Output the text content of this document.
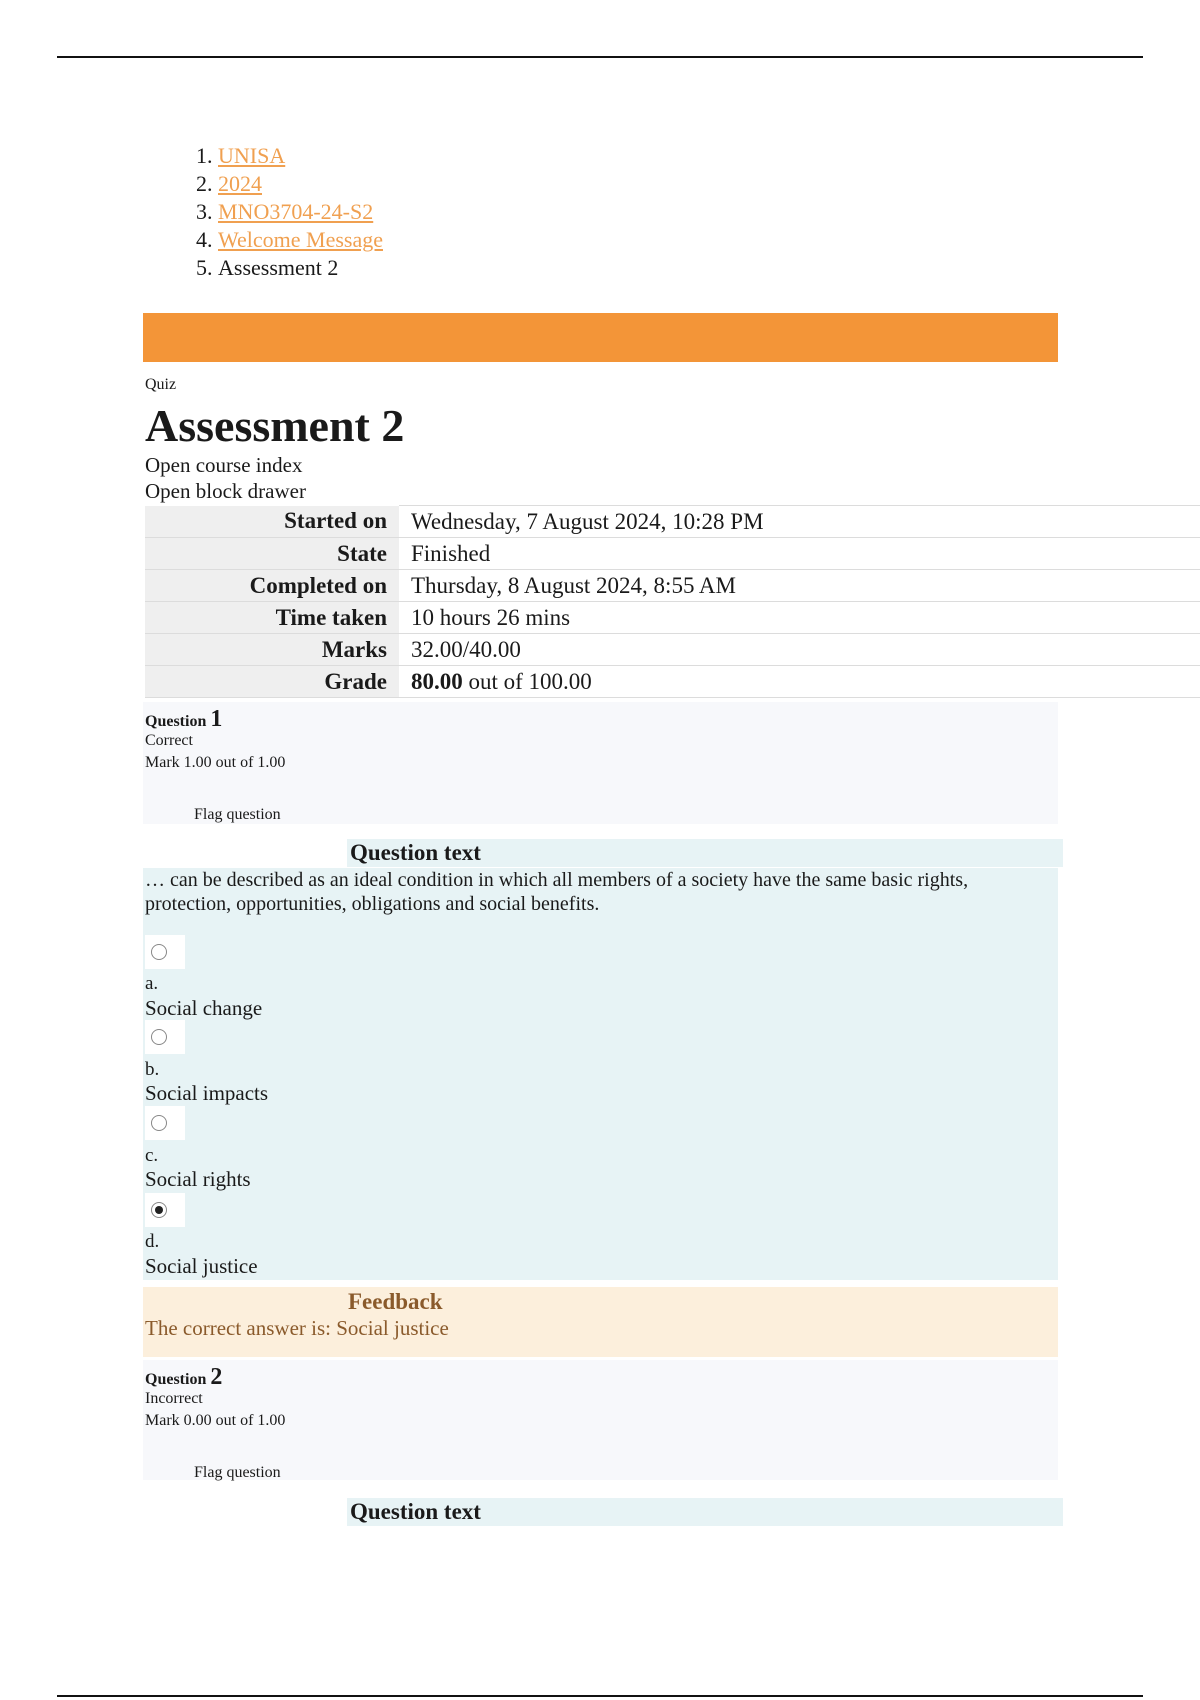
1. UNISA
2. 2024
3. MNO3704-24-S2
4. Welcome Message
5. Assessment 2
Quiz
Assessment 2
Open course index
Open block drawer
Started on	Wednesday, 7 August 2024, 10:28 PM
State	Finished
Completed on	Thursday, 8 August 2024, 8:55 AM
Time taken	10 hours 26 mins
Marks	32.00/40.00
Grade	80.00 out of 100.00
Question 1
Correct
Mark 1.00 out of 1.00
Flag question
Question text
… can be described as an ideal condition in which all members of a society have the same basic rights, protection, opportunities, obligations and social benefits.
a.
Social change
b.
Social impacts
c.
Social rights
d.
Social justice
Feedback
The correct answer is: Social justice
Question 2
Incorrect
Mark 0.00 out of 1.00
Flag question
Question text
